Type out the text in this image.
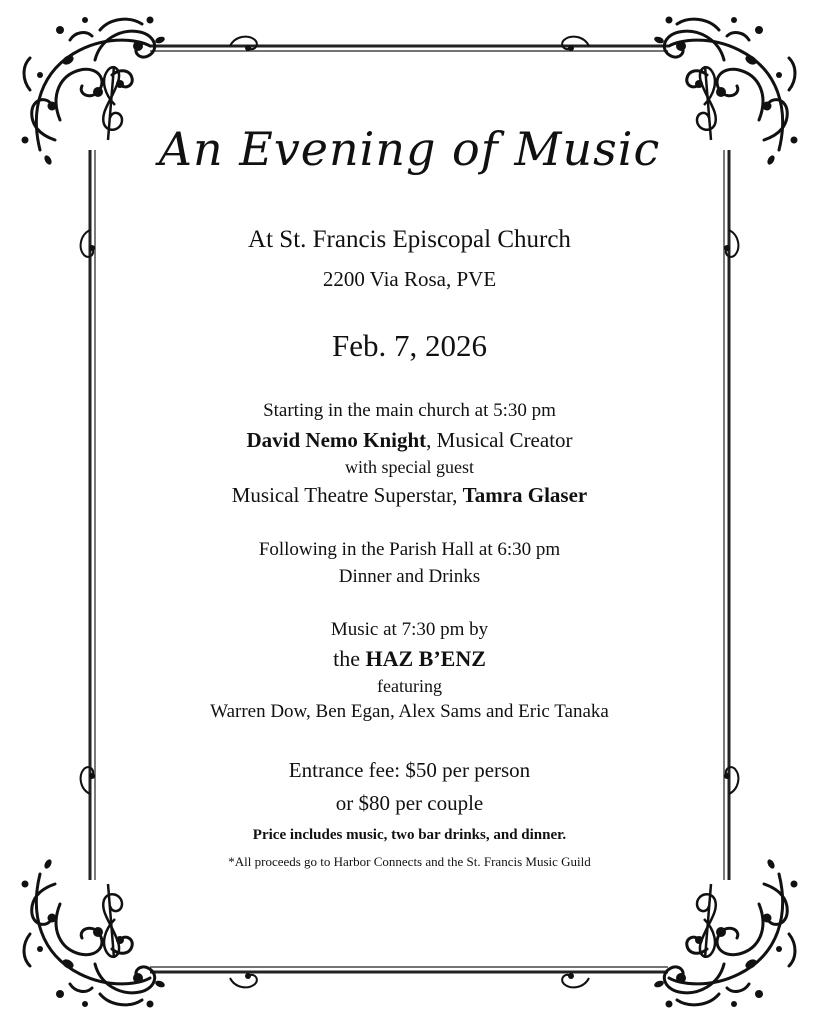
An Evening of Music
At St. Francis Episcopal Church
2200 Via Rosa, PVE
Feb. 7, 2026
Starting in the main church at 5:30 pm
David Nemo Knight, Musical Creator
with special guest
Musical Theatre Superstar, Tamra Glaser
Following in the Parish Hall at 6:30 pm
Dinner and Drinks
Music at 7:30 pm by
the HAZ B’ENZ
featuring
Warren Dow, Ben Egan, Alex Sams and Eric Tanaka
Entrance fee: $50 per person
or $80 per couple
Price includes music, two bar drinks, and dinner.
*All proceeds go to Harbor Connects and the St. Francis Music Guild
